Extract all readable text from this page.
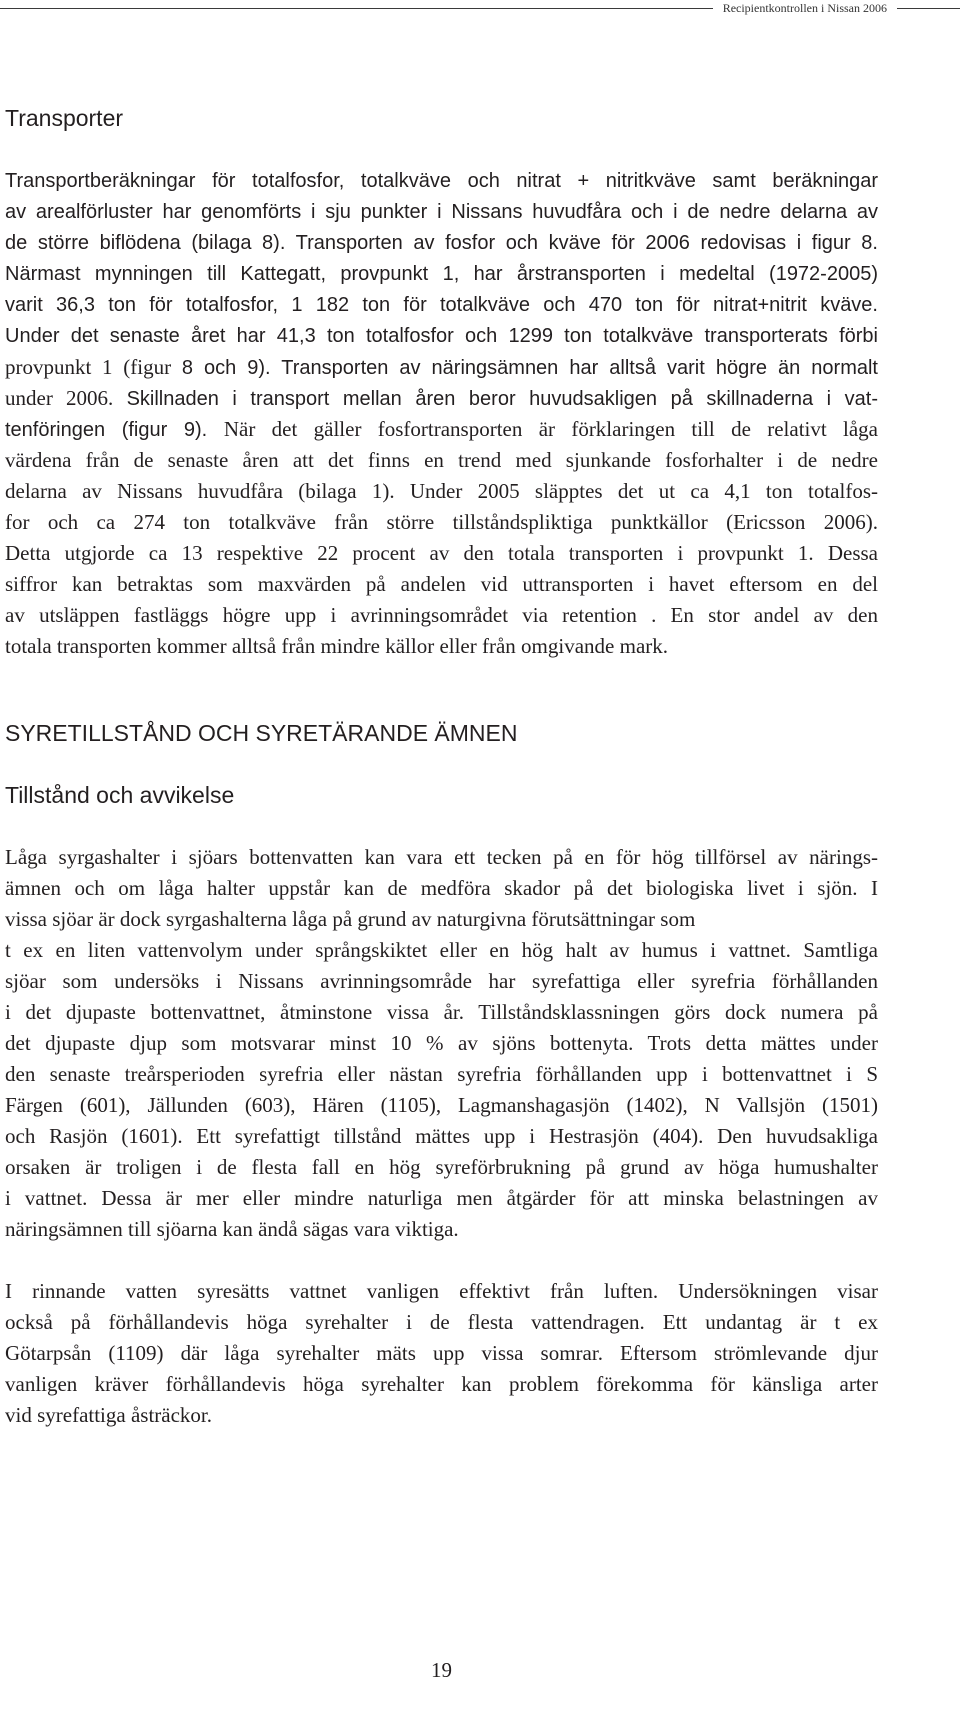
Recipientkontrollen i Nissan 2006
Transporter
Transportberäkningar för totalfosfor, totalkväve och nitrat + nitritkväve samt beräkningar
av arealförluster har genomförts i sju punkter i Nissans huvudfåra och i de nedre delarna av
de större biflödena (bilaga 8). Transporten av fosfor och kväve för 2006 redovisas i figur 8.
Närmast mynningen till Kattegatt, provpunkt 1, har årstransporten i medeltal (1972-2005)
varit 36,3 ton för totalfosfor, 1 182 ton för totalkväve och 470 ton för nitrat+nitrit kväve.
Under det senaste året har 41,3 ton totalfosfor och 1299 ton totalkväve transporterats förbi
provpunkt 1 (figur 8 och 9). Transporten av näringsämnen har alltså varit högre än normalt
under 2006. Skillnaden i transport mellan åren beror huvudsakligen på skillnaderna i vat-
tenföringen (figur 9). När det gäller fosfortransporten är förklaringen till de relativt låga
värdena från de senaste åren att det finns en trend med sjunkande fosforhalter i de nedre
delarna av Nissans huvudfåra (bilaga 1). Under 2005 släpptes det ut ca 4,1 ton totalfos-
for och ca 274 ton totalkväve från större tillståndspliktiga punktkällor (Ericsson 2006).
Detta utgjorde ca 13 respektive 22 procent av den totala transporten i provpunkt 1. Dessa
siffror kan betraktas som maxvärden på andelen vid uttransporten i havet eftersom en del
av utsläppen fastläggs högre upp i avrinningsområdet via retention . En stor andel av den
totala transporten kommer alltså från mindre källor eller från omgivande mark.
SYRETILLSTÅND OCH SYRETÄRANDE ÄMNEN
Tillstånd och avvikelse
Låga syrgashalter i sjöars bottenvatten kan vara ett tecken på en för hög tillförsel av närings-
ämnen och om låga halter uppstår kan de medföra skador på det biologiska livet i sjön. I
vissa sjöar är dock syrgashalterna låga på grund av naturgivna förutsättningar som
t ex en liten vattenvolym under språngskiktet eller en hög halt av humus i vattnet. Samtliga
sjöar som undersöks i Nissans avrinningsområde har syrefattiga eller syrefria förhållanden
i det djupaste bottenvattnet, åtminstone vissa år. Tillståndsklassningen görs dock numera på
det djupaste djup som motsvarar minst 10 % av sjöns bottenyta. Trots detta mättes under
den senaste treårsperioden syrefria eller nästan syrefria förhållanden upp i bottenvattnet i S
Färgen (601), Jällunden (603), Hären (1105), Lagmanshagasjön (1402), N Vallsjön (1501)
och Rasjön (1601). Ett syrefattigt tillstånd mättes upp i Hestrasjön (404). Den huvudsakliga
orsaken är troligen i de flesta fall en hög syreförbrukning på grund av höga humushalter
i vattnet. Dessa är mer eller mindre naturliga men åtgärder för att minska belastningen av
näringsämnen till sjöarna kan ändå sägas vara viktiga.
I rinnande vatten syresätts vattnet vanligen effektivt från luften. Undersökningen visar
också på förhållandevis höga syrehalter i de flesta vattendragen. Ett undantag är t ex
Götarpsån (1109) där låga syrehalter mäts upp vissa somrar. Eftersom strömlevande djur
vanligen kräver förhållandevis höga syrehalter kan problem förekomma för känsliga arter
vid syrefattiga åsträckor.
19
